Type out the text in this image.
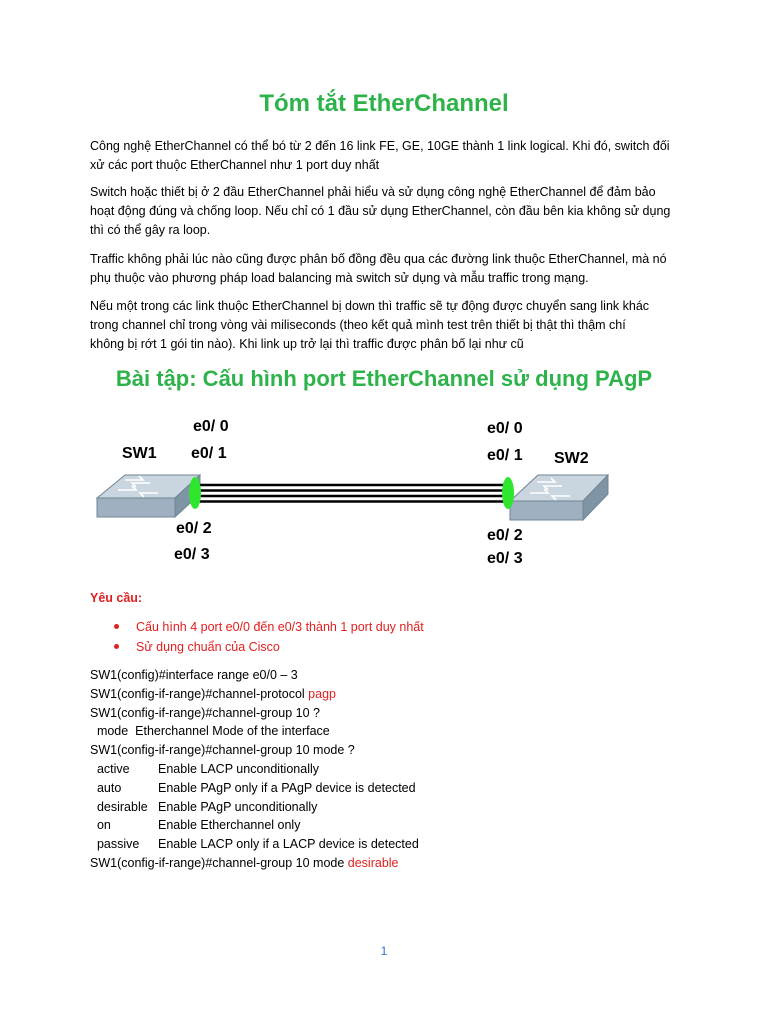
Tóm tắt EtherChannel

Công nghệ EtherChannel có thể bó từ 2 đến 16 link FE, GE, 10GE thành 1 link logical. Khi đó, switch đối
xử các port thuộc EtherChannel như 1 port duy nhất

Switch hoặc thiết bị ở 2 đầu EtherChannel phải hiểu và sử dụng công nghệ EtherChannel để đảm bảo
hoạt động đúng và chống loop. Nếu chỉ có 1 đầu sử dụng EtherChannel, còn đầu bên kia không sử dụng
thì có thể gây ra loop.

Traffic không phải lúc nào cũng được phân bố đồng đều qua các đường link thuộc EtherChannel, mà nó
phụ thuộc vào phương pháp load balancing mà switch sử dụng và mẫu traffic trong mạng.

Nếu một trong các link thuộc EtherChannel bị down thì traffic sẽ tự động được chuyển sang link khác
trong channel chỉ trong vòng vài miliseconds (theo kết quả mình test trên thiết bị thật thì thậm chí
không bị rớt 1 gói tin nào). Khi link up trở lại thì traffic được phân bố lại như cũ

Bài tập: Cấu hình port EtherChannel sử dụng PAgP
SW1	SW2
e0/ 0
e0/ 1
e0/ 2
e0/ 3
e0/ 0
e0/ 1
e0/ 2
e0/ 3

Yêu cầu:

Cấu hình 4 port e0/0 đến e0/3 thành 1 port duy nhất
Sử dụng chuẩn của Cisco
SW1(config)#interface range e0/0 – 3
SW1(config-if-range)#channel-protocol pagp
SW1(config-if-range)#channel-group 10 ?
mode  Etherchannel Mode of the interface
SW1(config-if-range)#channel-group 10 mode ?
active Enable LACP unconditionally
auto	Enable PAgP only if a PAgP device is detected
desirable Enable PAgP unconditionally
on	Enable Etherchannel only
passive Enable LACP only if a LACP device is detected
SW1(config-if-range)#channel-group 10 mode desirable
1
